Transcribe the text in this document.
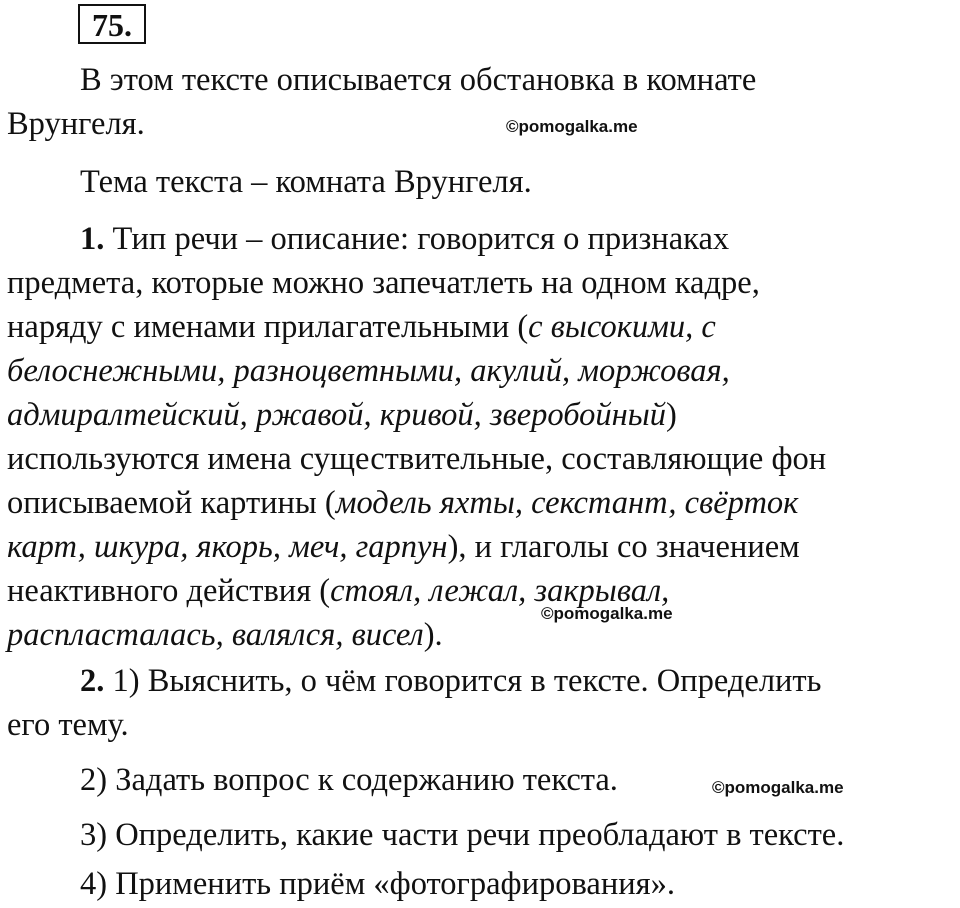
75.
В этом тексте описывается обстановка в комнате
Врунгеля.	©pomogalka.me
Тема текста – комната Врунгеля.
1. Тип речи – описание: говорится о признаках
предмета, которые можно запечатлеть на одном кадре,
наряду с именами прилагательными (с высокими, с
белоснежными, разноцветными, акулий, моржовая,
адмиралтейский, ржавой, кривой, зверобойный)
используются имена существительные, составляющие фон
описываемой картины (модель яхты, секстант, свёрток
карт, шкура, якорь, меч, гарпун), и глаголы со значением
неактивного действия (стоял, лежал, закрывал,
распласталась, валялся, висел).
©pomogalka.me
2. 1) Выяснить, о чём говорится в тексте. Определить
его тему.
2) Задать вопрос к содержанию текста.	©pomogalka.me
3) Определить, какие части речи преобладают в тексте.
4) Применить приём «фотографирования».
